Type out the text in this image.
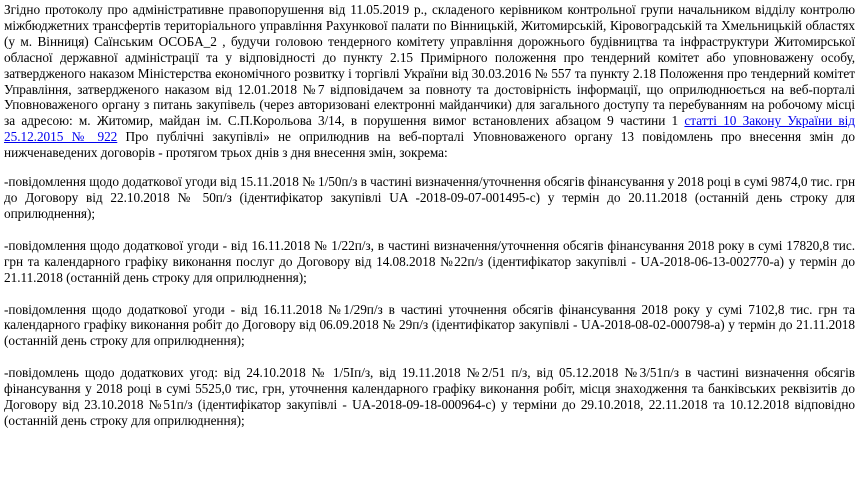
Згідно протоколу про адміністративне правопорушення від 11.05.2019 р., складеного керівником контрольної групи начальником відділу контролю міжбюджетних трансфертів територіального управління Рахункової палати по Вінницькій, Житомирській, Кіровоградській та Хмельницькій областях (у м. Вінниця) Саїнським ОСОБА_2 , будучи головою тендерного комітету управління дорожнього будівництва та інфраструктури Житомирської обласної державної адміністрації та у відповідності до пункту 2.15 Примірного положення про тендерний комітет або уповноважену особу, затвердженого наказом Міністерства економічного розвитку і торгівлі України від 30.03.2016 № 557 та пункту 2.18 Положення про тендерний комітет Управління, затвердженого наказом від 12.01.2018 №7 відповідачем за повноту та достовірність інформації, що оприлюднюється на веб-порталі Уповноваженого органу з питань закупівель (через авторизовані електронні майданчики) для загального доступу та перебуванням на робочому місці за адресою: м. Житомир, майдан ім. С.П.Корольова 3/14, в порушення вимог встановлених абзацом 9 частини 1 статті 10 Закону України від 25.12.2015 № 922 Про публічні закупівлі» не оприлюднив на веб-порталі Уповноваженого органу 13 повідомлень про внесення змін до нижченаведених договорів - протягом трьох днів з дня внесення змін, зокрема:

-повідомлення щодо додаткової угоди від 15.11.2018 № 1/50п/з в частині визначення/уточнення обсягів фінансування у 2018 році в сумі 9874,0 тис. грн до Договору від 22.10.2018 № 50п/з (ідентифікатор закупівлі UA -2018-09-07-001495-c) у термін до 20.11.2018 (останній день строку для оприлюднення);

-повідомлення щодо додаткової угоди - від 16.11.2018 № 1/22п/з, в частині визначення/уточнення обсягів фінансування 2018 року в сумі 17820,8 тис. грн та календарного графіку виконання послуг до Договору від 14.08.2018 №22п/з (ідентифікатор закупівлі - UA-2018-06-13-002770-a) у термін до 21.11.2018 (останній день строку для оприлюднення);

-повідомлення щодо додаткової угоди - від 16.11.2018 №1/29п/з в частині уточнення обсягів фінансування 2018 року у сумі 7102,8 тис. грн та календарного графіку виконання робіт до Договору від 06.09.2018 № 29п/з (ідентифікатор закупівлі - UA-2018-08-02-000798-a) у термін до 21.11.2018 (останній день строку для оприлюднення);

-повідомлень щодо додаткових угод: від 24.10.2018 № 1/5Іп/з, від 19.11.2018 №2/51 п/з, від 05.12.2018 №3/51п/з в частині визначення обсягів фінансування у 2018 році в сумі 5525,0 тис, грн, уточнення календарного графіку виконання робіт, місця знаходження та банківських реквізитів до Договору від 23.10.2018 №51п/з (ідентифікатор закупівлі - UA-2018-09-18-000964-c) у терміни до 29.10.2018, 22.11.2018 та 10.12.2018 відповідно (останній день строку для оприлюднення);
